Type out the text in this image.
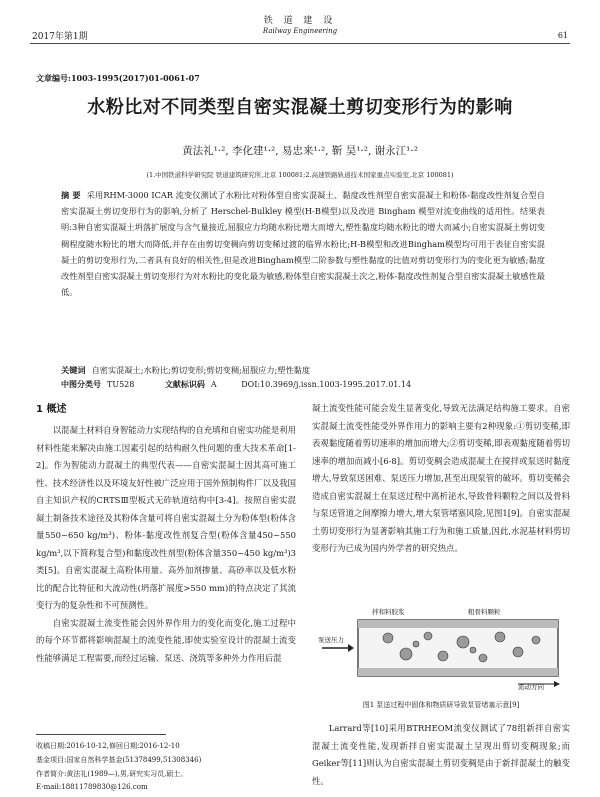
2017年第1期
铁 道 建 设
Railway Engineering	61
文章编号:1003-1995(2017)01-0061-07
水粉比对不同类型自密实混凝土剪切变形行为的影响
黄法礼¹·², 李化建¹·², 易忠来¹·², 靳 昊¹·², 谢永江¹·²
(1.中国铁道科学研究院 铁道建筑研究所,北京 100081;2.高速铁路轨道技术国家重点实验室,北京 100081)
摘 要 采用RHM-3000 ICAR 流变仪测试了水粉比对粉体型自密实混凝土、黏度改性剂型自密实混凝土和粉体-黏度改性剂复合型自密实混凝土剪切变形行为的影响,分析了 Herschel-Bulkley 模型(H-B模型)以及改进 Bingham 模型对流变曲线的适用性。结果表明:3种自密实混凝土坍落扩展度与含气量接近,屈服应力均随水粉比增大而增大,塑性黏度均随水粉比的增大而减小;自密实混凝土剪切变稠程度随水粉比的增大而降低,并存在由剪切变稠向剪切变稀过渡的临界水粉比;H-B模型和改进Bingham模型均可用于表征自密实混凝土的剪切变形行为,二者具有良好的相关性,但是改进Bingham模型二阶参数与塑性黏度的比值对剪切变形行为的变化更为敏感;黏度改性剂型自密实混凝土剪切变形行为对水粉比的变化最为敏感,粉体型自密实混凝土次之,粉体-黏度改性剂复合型自密实混凝土敏感性最低。
关键词 自密实混凝土;水粉比;剪切变形;剪切变稠;屈服应力;塑性黏度
中图分类号 TU528	文献标识码 A	DOI:10.3969/j.issn.1003-1995.2017.01.14
1 概述
以混凝土材料自身智能动力实现结构的自充填和自密实功能是利用材料性能来解决由施工因素引起的结构耐久性问题的重大技术革命[1-2]。作为智能动力混凝土的典型代表——自密实混凝土因其高可施工性、技术经济性以及环境友好性被广泛应用于国外预制构件厂以及我国自主知识产权的CRTSⅢ型板式无砟轨道结构中[3-4]。按照自密实混凝土制备技术途径及其粉体含量可将自密实混凝土分为粉体型(粉体含量550~650 kg/m³)、粉体-黏度改性剂复合型(粉体含量450~550 kg/m³,以下简称复合型)和黏度改性剂型(粉体含量350~450 kg/m³)3类[5]。自密实混凝土高粉体用量、高外加剂掺量、高砂率以及低水粉比的配合比特征和大流动性(坍落扩展度>550 mm)的特点决定了其流变行为的复杂性和不可预测性。
自密实混凝土流变性能会因外界作用力的变化而变化,施工过程中的每个环节都将影响混凝土的流变性能,即使实验室设计的混凝土流变性能够满足工程需要,而经过运输、泵送、浇筑等多种外力作用后混
收稿日期:2016-10-12,修回日期:2016-12-10
基金项目:国家自然科学基金(51378499,51308346)
作者简介:黄法礼(1989—),男,研究实习员,硕士。
E-mail:18811789830@126.com
凝土流变性能可能会发生显著变化,导致无法满足结构施工要求。自密实混凝土流变性能受外界作用力的影响主要有2种现象:①剪切变稀,即表观黏度随着剪切速率的增加而增大;②剪切变稀,即表观黏度随着剪切速率的增加而减小[6-8]。剪切变稠会造成混凝土在搅拌或泵送时黏度增大,导致泵送困难、泵送压力增加,甚至出现泵管的破坏。剪切变稀会造成自密实混凝土在泵送过程中离析泌水,导致骨料颗粒之间以及骨料与泵送管道之间摩擦力增大,增大泵管堵塞风险,见图1[9]。自密实混凝土剪切变形行为显著影响其施工行为和施工质量,因此,水泥基材料剪切变形行为已成为国内外学者的研究热点。
拌和料胶浆	粗骨料颗粒
泵送压力
流动方向
图1 泵送过程中固体和物质研导致泵管堵塞示意[9]
Larrard等[10]采用BTRHEOM流变仪测试了78组新拌自密实混凝土流变性能,发现新拌自密实混凝土呈现出剪切变稠现象;而Geiker等[11]则认为自密实混凝土剪切变稠是由于新拌混凝土的触变性。
